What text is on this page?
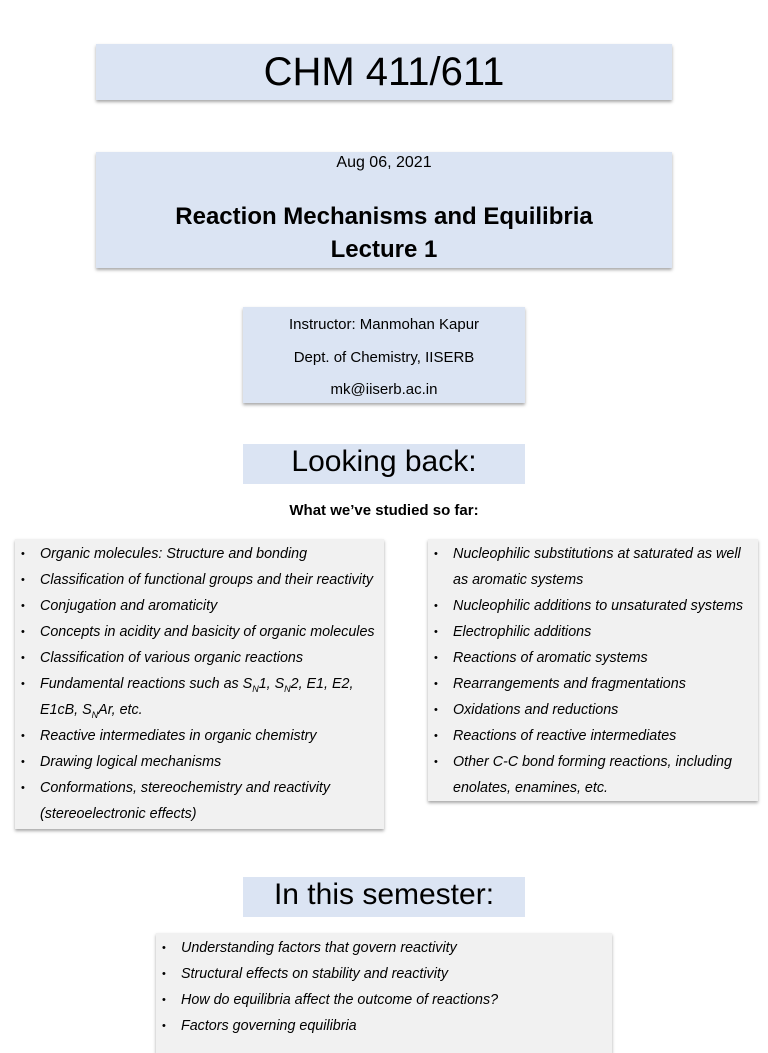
CHM 411/611
Aug 06, 2021
Reaction Mechanisms and Equilibria
Lecture 1
Instructor: Manmohan Kapur
Dept. of Chemistry, IISERB
mk@iiserb.ac.in
Looking back:
What we’ve studied so far:
• Organic molecules: Structure and bonding
• Classification of functional groups and their reactivity
• Conjugation and aromaticity
• Concepts in acidity and basicity of organic molecules
• Classification of various organic reactions
• Fundamental reactions such as $S_N1$, $S_N2$, E1, E2, E1cB, $S_NAr$, etc.
• Reactive intermediates in organic chemistry
• Drawing logical mechanisms
• Conformations, stereochemistry and reactivity (stereoelectronic effects)
• Nucleophilic substitutions at saturated as well as aromatic systems
• Nucleophilic additions to unsaturated systems
• Electrophilic additions
• Reactions of aromatic systems
• Rearrangements and fragmentations
• Oxidations and reductions
• Reactions of reactive intermediates
• Other C-C bond forming reactions, including enolates, enamines, etc.
In this semester:
• Understanding factors that govern reactivity
• Structural effects on stability and reactivity
• How do equilibria affect the outcome of reactions?
• Factors governing equilibria
